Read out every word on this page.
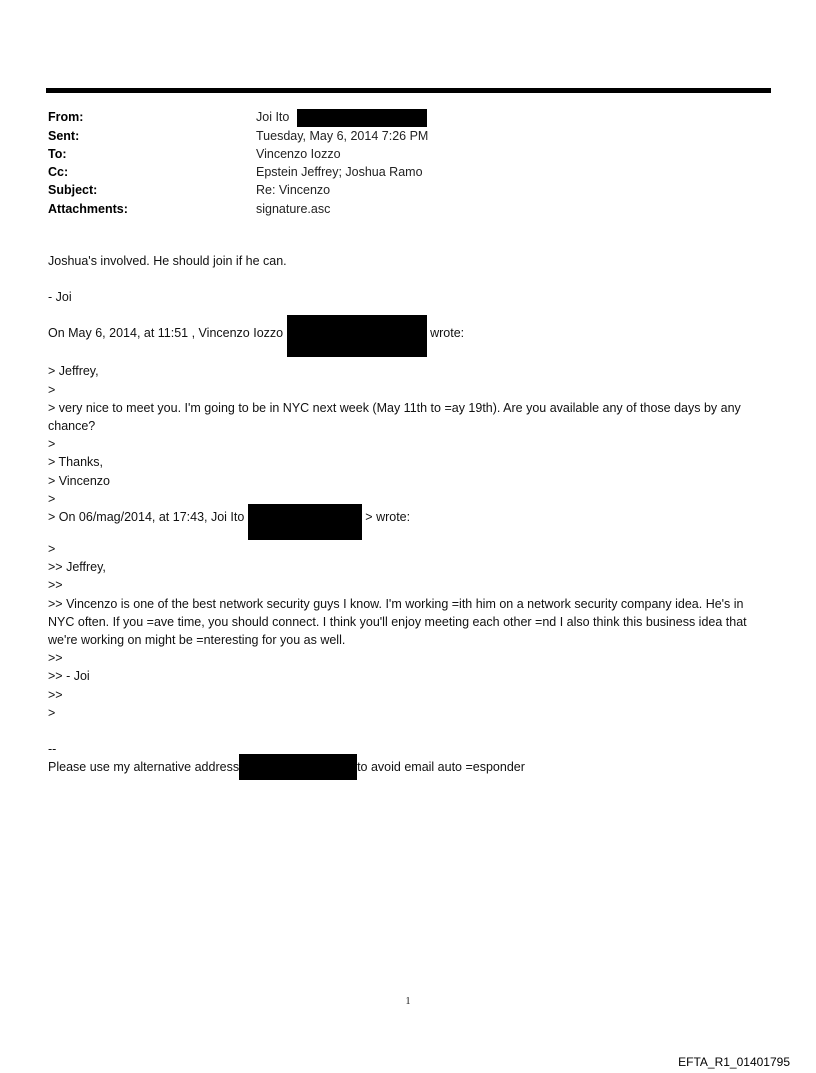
From:	Joi Ito
Sent:	Tuesday, May 6, 2014 7:26 PM
To:	Vincenzo Iozzo
Cc:	Epstein Jeffrey; Joshua Ramo
Subject:	Re: Vincenzo
Attachments:	signature.asc
Joshua's involved. He should join if he can.
- Joi
On May 6, 2014, at 11:51 , Vincenzo Iozzo	wrote:
> Jeffrey,
>
> very nice to meet you. I'm going to be in NYC next week (May 11th to =ay 19th). Are you available any of those days by any chance?
>
> Thanks,
> Vincenzo
>
> On 06/mag/2014, at 17:43, Joi Ito	> wrote:
>
>> Jeffrey,
>>
>> Vincenzo is one of the best network security guys I know. I'm working =ith him on a network security company idea. He's in NYC often. If you =ave time, you should connect. I think you'll enjoy meeting each other =nd I also think this business idea that we're working on might be =nteresting for you as well.
>>
>> - Joi
>>
>
--
Please use my alternative address	to avoid email auto =esponder
1
EFTA_R1_01401795
